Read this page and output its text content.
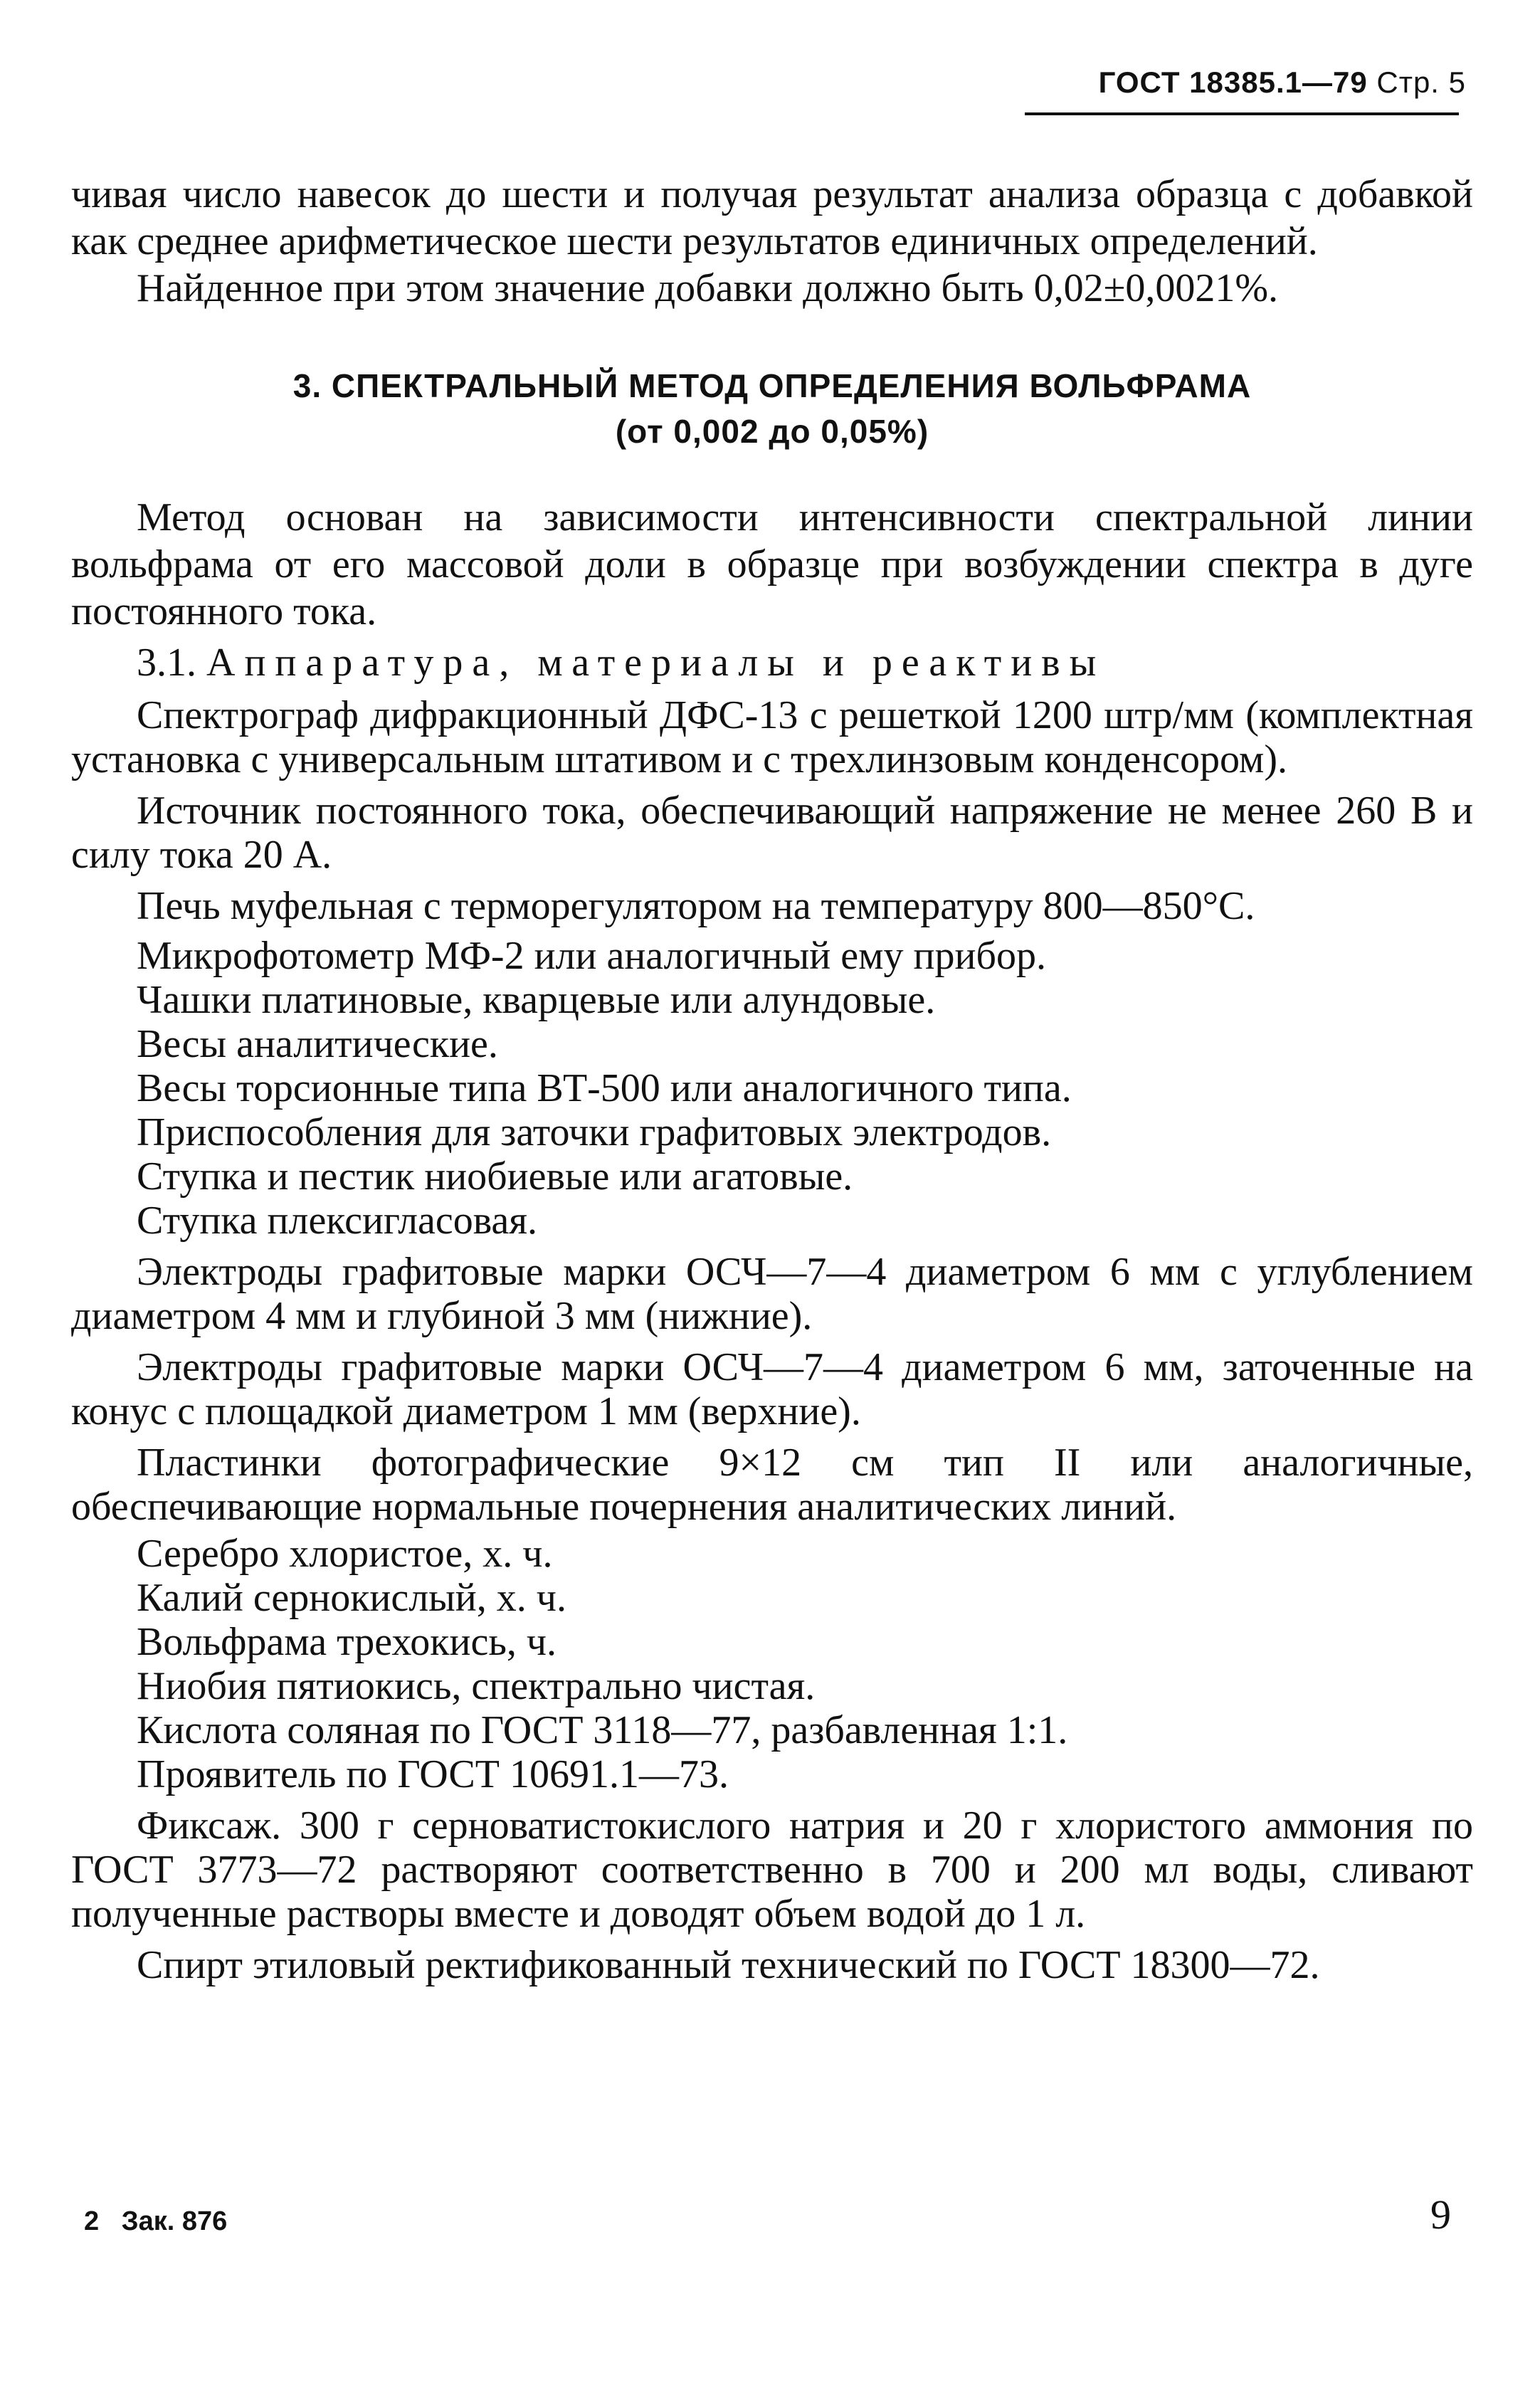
ГОСТ 18385.1—79 Стр. 5

чивая число навесок до шести и получая результат анализа образца с добавкой как среднее арифметическое шести результатов единичных определений.

Найденное при этом значение добавки должно быть 0,02±0,0021%.

3. СПЕКТРАЛЬНЫЙ МЕТОД ОПРЕДЕЛЕНИЯ ВОЛЬФРАМА
(от 0,002 до 0,05%)

Метод основан на зависимости интенсивности спектральной линии вольфрама от его массовой доли в образце при возбуждении спектра в дуге постоянного тока.

3.1. Аппаратура, материалы и реактивы
Спектрограф дифракционный ДФС-13 с решеткой 1200 штр/мм (комплектная установка с универсальным штативом и с трехлинзовым конденсором).
Источник постоянного тока, обеспечивающий напряжение не менее 260 В и силу тока 20 А.
Печь муфельная с терморегулятором на температуру 800—850°С.
Микрофотометр МФ-2 или аналогичный ему прибор.
Чашки платиновые, кварцевые или алундовые.
Весы аналитические.
Весы торсионные типа ВТ-500 или аналогичного типа.
Приспособления для заточки графитовых электродов.
Ступка и пестик ниобиевые или агатовые.
Ступка плексигласовая.
Электроды графитовые марки ОСЧ—7—4 диаметром 6 мм с углублением диаметром 4 мм и глубиной 3 мм (нижние).
Электроды графитовые марки ОСЧ—7—4 диаметром 6 мм, заточенные на конус с площадкой диаметром 1 мм (верхние).
Пластинки фотографические 9×12 см тип II или аналогичные, обеспечивающие нормальные почернения аналитических линий.
Серебро хлористое, х. ч.
Калий сернокислый, х. ч.
Вольфрама трехокись, ч.
Ниобия пятиокись, спектрально чистая.
Кислота соляная по ГОСТ 3118—77, разбавленная 1:1.
Проявитель по ГОСТ 10691.1—73.
Фиксаж. 300 г серноватистокислого натрия и 20 г хлористого аммония по ГОСТ 3773—72 растворяют соответственно в 700 и 200 мл воды, сливают полученные растворы вместе и доводят объем водой до 1 л.
Спирт этиловый ректификованный технический по ГОСТ 18300—72.
2   Зак. 876	9
